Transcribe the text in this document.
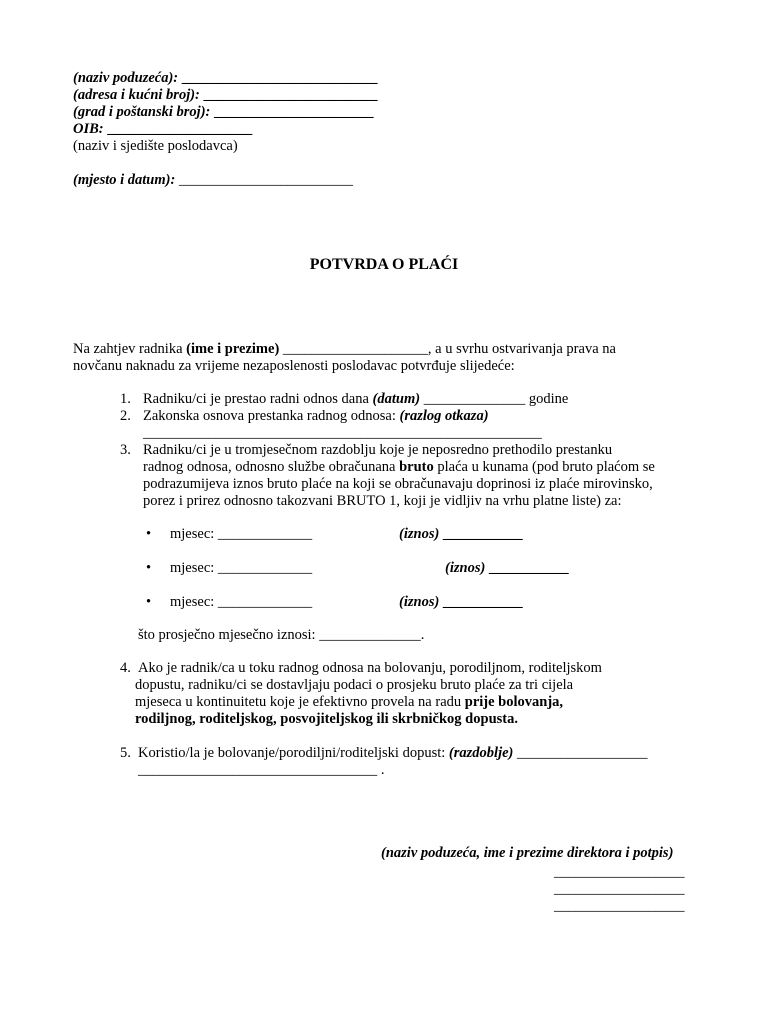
(naziv poduzeća): ___________________________
(adresa i kućni broj): ________________________
(grad i poštanski broj): ______________________
OIB: ____________________
(naziv i sjedište poslodavca)
(mjesto i datum): ________________________
POTVRDA O PLAĆI
Na zahtjev radnika (ime i prezime) ____________________, a u svrhu ostvarivanja prava na
novčanu naknadu za vrijeme nezaposlenosti poslodavac potvrđuje slijedeće:
1. Radniku/ci je prestao radni odnos dana (datum) ______________ godine
2. Zakonska osnova prestanka radnog odnosa: (razlog otkaza)
_______________________________________________________
3. Radniku/ci je u tromjesečnom razdoblju koje je neposredno prethodilo prestanku
radnog odnosa, odnosno službe obračunana bruto plaća u kunama (pod bruto plaćom se
podrazumijeva iznos bruto plaće na koji se obračunavaju doprinosi iz plaće mirovinsko,
porez i prirez odnosno takozvani BRUTO 1, koji je vidljiv na vrhu platne liste) za:
• mjesec: _____________	(iznos) ___________
• mjesec: _____________	(iznos) ___________
• mjesec: _____________	(iznos) ___________
što prosječno mjesečno iznosi: ______________.
4. Ako je radnik/ca u toku radnog odnosa na bolovanju, porodiljnom, roditeljskom
dopustu, radniku/ci se dostavljaju podaci o prosjeku bruto plaće za tri cijela
mjeseca u kontinuitetu koje je efektivno provela na radu prije bolovanja,
rodiljnog, roditeljskog, posvojiteljskog ili skrbničkog dopusta.
5. Koristio/la je bolovanje/porodiljni/roditeljski dopust: (razdoblje) __________________
_________________________________ .
(naziv poduzeća, ime i prezime direktora i potpis)
__________________
__________________
__________________
